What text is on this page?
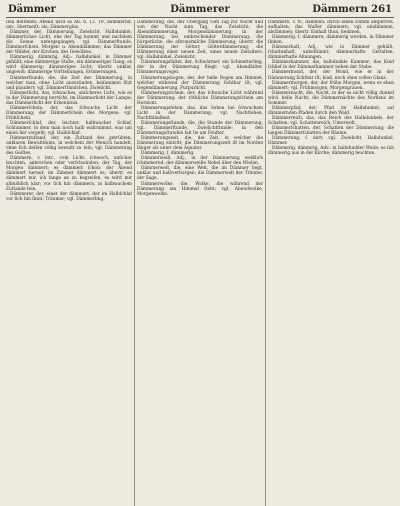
Dämmer	Dämmerer	Dämmern 261

ſein Beſtehen; Abend wird es Ab. 6, 12. 19, dämmernd, um-, übermeiſt; als: Dämmerglas.

Dämmer, der, Dämmerung, Zwielicht, Halbdunkel; dämmerliches Licht, ehe der Tag kommt und nachdem die Sonne untergegangen; vgl. Dämmerſtunde, Dämmerſchein, Morgen- u. Abenddämmer; das Dämmer der Wälder, der Kirchen, des Gewölbes.

Dämmerig, dämmrig, Adj.: halbdunkel, in Dämmer gehüllt; eine dämmerige Stube, ein dämmeriger Gang; es wird dämmerig; dämmeriges Licht; übertr. unklar, ungewiß: dämmerige Vorſtellungen, Erinnerungen.

Dämmerſtunde, die, die Zeit der Dämmerung, in welcher man, ohne Licht anzuzünden, beiſammen ſitzt und plaudert; vgl. Dämmerſtündchen, Zwielicht.

Dämmerlicht, das, ſchwaches, unſicheres Licht, wie es in der Dämmerung herrſcht; im Dämmerlicht der Lampe; das Dämmerlicht der Erkenntnis.

Dämmerſchein, der, das ſchwache Licht der Dämmerung; der Dämmerſchein des Morgens; vgl. Frühſchein.

Dämmerſchlaf, der, leichter, halbwacher Schlaf, Schlummer, in dem man noch halb wahrnimmt, was um einen her vorgeht; vgl. Halbſchlaf.

Dämmerzuſtand, der, ein Zuſtand des getrübten, unklaren Bewußtſeins, in welchem der Menſch handelt, ohne ſich deſſen völlig bewußt zu ſein; vgl. Dämmerung des Geiſtes.

Dämmern, v. intr., vom Licht: ſchwach, unſicher leuchten, anbrechen oder verſchwinden; der Tag, der Morgen dämmert; es dämmert ſchon; der Abend dämmert herauf; im Zimmer dämmert es; übertr. es dämmert mir, ich fange an zu begreifen, es wird mir allmählich klar; vor ſich hin dämmern, in halbwachem Zuſtande ſein.

Dämmerer, der, einer der dämmert, der im Halbſchlaf vor ſich hin ſinnt; Träumer; vgl. Dämmerling.

Dämmerung, die, der Übergang vom Tag zur Nacht und von der Nacht zum Tag, das Zwielicht; die Abenddämmerung, Morgendämmerung; in der Dämmerung, bei einbrechender Dämmerung; die bürgerliche, die aſtronomiſche Dämmerung; übertr. die Dämmerung der Götter, Götterdämmerung; die Dämmerung einer neuen Zeit, eines neuen Zeitalters; vgl. Halbdunkel, Zwielicht.

Dämmerungsfalter, der, Schwärmer, ein Schmetterling, der in der Dämmerung fliegt; vgl. Abendfalter, Dämmerungsvogel.

Dämmerungsbogen, der, der helle Bogen am Himmel, welcher während der Dämmerung ſichtbar iſt; vgl. Gegendämmerung, Purpurlicht.

Dämmerungsſchein, der, das ſchwache Licht während der Dämmerung; der röthliche Dämmerungsſchein am Horizont.

Dämmerungsſehen, das, das Sehen bei ſchwachem Licht in der Dämmerung; vgl. Nachtſehen, Nachtblindheit.

Dämmerungsſtunde, die, die Stunde der Dämmerung; vgl. Dämmerſtunde, Zwielichtſtunde; in den Dämmerungsſtunden ſaß ſie am Fenſter.

Dämmerungszeit, die, die Zeit, in welcher die Dämmerung eintritt; die Dämmerungszeit iſt im Norden länger als unter dem Äquator.

Dämmerig, ſ. dämmerig.

Dämmerweiß, Adj., in der Dämmerung weißlich ſchimmernd; der dämmerweiße Nebel über den Wieſen.

Dämmerwelt, die, eine Welt, die im Dämmer liegt, unklar und halbverborgen; die Dämmerwelt der Träume, der Sage.

Dämmerwolke, die, Wolke, die während der Dämmerung am Himmel ſteht; vgl. Abendwolke, Morgenwolke.

Dämmern, v. tr., dämmen, durch einen Damm abſperren, aufhalten; das Waſſer dämmern; vgl. eindämmen, abdämmen; übertr. Einhalt thun, hemmen.

Dämmerig, ſ. dämmern; dämmerig werden, in Dämmer ſinken.

Dämmerhaft, Adj., wie in Dämmer gehüllt, ſchattenhaft, unbeſtimmt; dämmerhafte Geſtalten; dämmerhafte Ahnungen.

Dämmerkammer, die, halbdunkle Kammer; das Kind ſchlief in der Dämmerkammer neben der Stube.

Dämmermond, der, der Mond, wie er in der Dämmerung ſichtbar iſt; blaß, noch ohne vollen Glanz.

Dämmermorgen, der, der frühe Morgen, wenn es eben dämmert; vgl. Frühmorgen, Morgengrauen.

Dämmernacht, die, Nacht, in der es nicht völlig dunkel wird, helle Nacht; die Dämmernächte des Nordens im Sommer.

Dämmerpfad, der, Pfad im Halbdunkel; auf dämmernden Pfaden durch den Wald.

Dämmerreich, das, das Reich des Halbdunkels, der Schatten; vgl. Schattenreich, Unterwelt.

Dämmerſchatten, der, Schatten der Dämmerung; die langen Dämmerſchatten der Bäume.

Dämmerung, ſ. dort; vgl. Zwielicht, Halbdunkel, Dämmer.

Dämmerig, dämmrig, Adv.: in halbdunkler Weiſe; es ſah dämmerig aus in der Kirche; dämmerig leuchten.
